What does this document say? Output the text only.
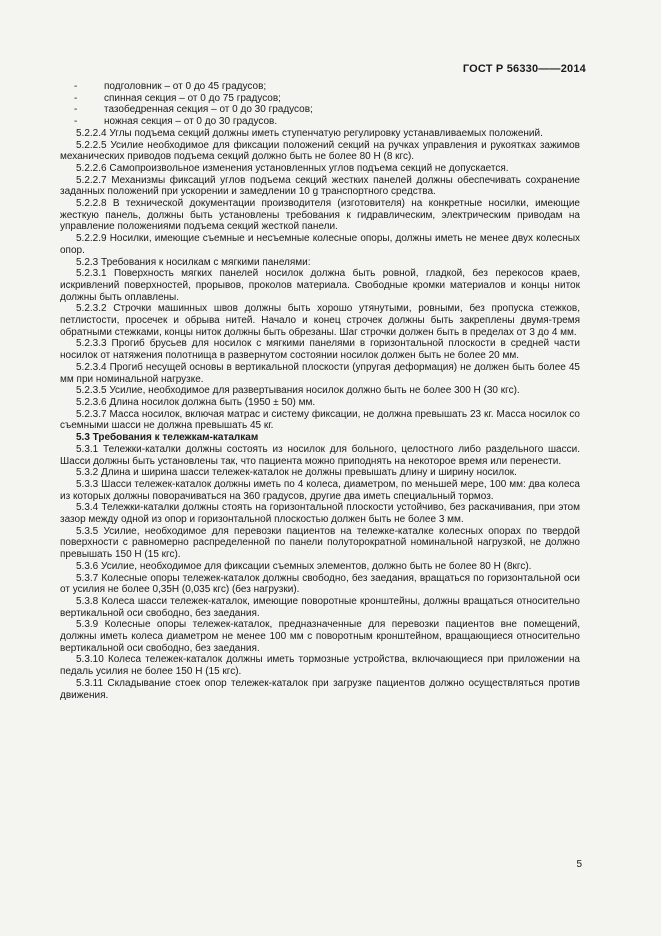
ГОСТ Р 56330——2014
-	подголовник – от 0 до 45 градусов;
-	спинная секция – от 0 до 75 градусов;
-	тазобедренная секция – от 0 до 30 градусов;
-	ножная секция – от 0 до 30 градусов.

5.2.2.4 Углы подъема секций должны иметь ступенчатую регулировку устанавливаемых положений.

5.2.2.5 Усилие необходимое для фиксации положений секций на ручках управления и рукоятках зажимов механических приводов подъема секций должно быть не более 80 Н (8 кгс).

5.2.2.6 Самопроизвольное изменения установленных углов подъема секций не допускается.

5.2.2.7 Механизмы фиксаций углов подъема секций жестких панелей должны обеспечивать сохранение заданных положений при ускорении и замедлении 10 g транспортного средства.

5.2.2.8 В технической документации производителя (изготовителя) на конкретные носилки, имеющие жесткую панель, должны быть установлены требования к гидравлическим, электрическим приводам на управление положениями подъема секций жесткой панели.

5.2.2.9 Носилки, имеющие съемные и несъемные колесные опоры, должны иметь не менее двух колесных опор.

5.2.3 Требования к носилкам с мягкими панелями:

5.2.3.1 Поверхность мягких панелей носилок должна быть ровной, гладкой, без перекосов краев, искривлений поверхностей, прорывов, проколов материала. Свободные кромки материалов и концы ниток должны быть оплавлены.

5.2.3.2 Строчки машинных швов должны быть хорошо утянутыми, ровными, без пропуска стежков, петлистости, просечек и обрыва нитей. Начало и конец строчек должны быть закреплены двумя-тремя обратными стежками, концы ниток должны быть обрезаны. Шаг строчки должен быть в пределах от 3 до 4 мм.

5.2.3.3 Прогиб брусьев для носилок с мягкими панелями в горизонтальной плоскости в средней части носилок от натяжения полотнища в развернутом состоянии носилок должен быть не более 20 мм.

5.2.3.4 Прогиб несущей основы в вертикальной плоскости (упругая деформация) не должен быть более 45 мм при номинальной нагрузке.

5.2.3.5 Усилие, необходимое для развертывания носилок должно быть не более 300 Н (30 кгс).

5.2.3.6 Длина носилок должна быть (1950 ± 50) мм.

5.2.3.7 Масса носилок, включая матрас и систему фиксации, не должна превышать 23 кг. Масса носилок со съемными шасси не должна превышать 45 кг.

5.3 Требования к тележкам-каталкам

5.3.1 Тележки-каталки должны состоять из носилок для больного, целостного либо раздельного шасси. Шасси должны быть установлены так, что пациента можно приподнять на некоторое время или перенести.

5.3.2 Длина и ширина шасси тележек-каталок не должны превышать длину и ширину носилок.

5.3.3 Шасси тележек-каталок должны иметь по 4 колеса, диаметром, по меньшей мере, 100 мм: два колеса из которых должны поворачиваться на 360 градусов, другие два иметь специальный тормоз.

5.3.4 Тележки-каталки должны стоять на горизонтальной плоскости устойчиво, без раскачивания, при этом зазор между одной из опор и горизонтальной плоскостью должен быть не более 3 мм.

5.3.5 Усилие, необходимое для перевозки пациентов на тележке-каталке колесных опорах по твердой поверхности с равномерно распределенной по панели полуторократной номинальной нагрузкой, не должно превышать 150 Н (15 кгс).

5.3.6 Усилие, необходимое для фиксации съемных элементов, должно быть не более 80 Н (8кгс).

5.3.7 Колесные опоры тележек-каталок должны свободно, без заедания, вращаться по горизонтальной оси от усилия не более 0,35Н (0,035 кгс) (без нагрузки).

5.3.8 Колеса шасси тележек-каталок, имеющие поворотные кронштейны, должны вращаться относительно вертикальной оси свободно, без заедания.

5.3.9 Колесные опоры тележек-каталок, предназначенные для перевозки пациентов вне помещений, должны иметь колеса диаметром не менее 100 мм с поворотным кронштейном, вращающиеся относительно вертикальной оси свободно, без заедания.

5.3.10 Колеса тележек-каталок должны иметь тормозные устройства, включающиеся при приложении на педаль усилия не более 150 Н (15 кгс).

5.3.11 Складывание стоек опор тележек-каталок при загрузке пациентов должно осуществляться против движения.

5
